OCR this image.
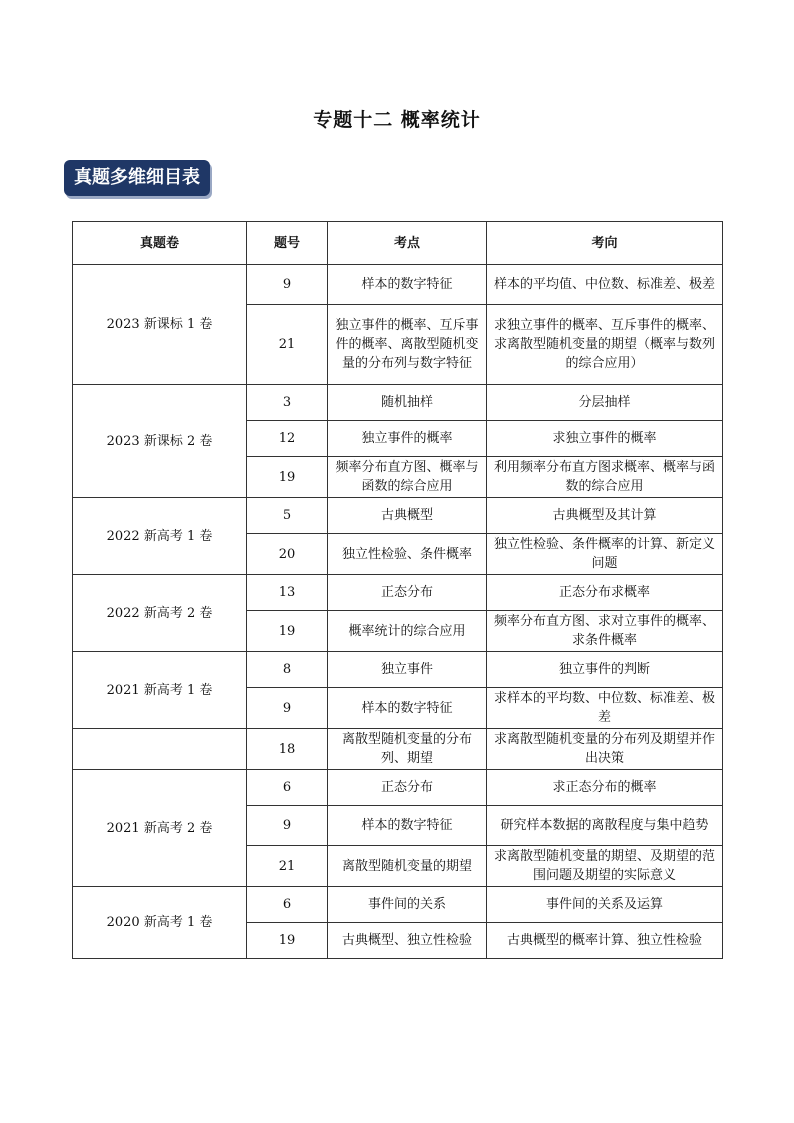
专题十二 概率统计
真题多维细目表
真题卷	题号	考点	考向
2023 新课标 1 卷	9	样本的数字特征	样本的平均值、中位数、标准差、极差
	21	独立事件的概率、互斥事件的概率、离散型随机变量的分布列与数字特征	求独立事件的概率、互斥事件的概率、求离散型随机变量的期望（概率与数列的综合应用）
2023 新课标 2 卷	3	随机抽样	分层抽样
	12	独立事件的概率	求独立事件的概率
	19	频率分布直方图、概率与函数的综合应用	利用频率分布直方图求概率、概率与函数的综合应用
2022 新高考 1 卷	5	古典概型	古典概型及其计算
	20	独立性检验、条件概率	独立性检验、条件概率的计算、新定义问题
2022 新高考 2 卷	13	正态分布	正态分布求概率
	19	概率统计的综合应用	频率分布直方图、求对立事件的概率、求条件概率
2021 新高考 1 卷	8	独立事件	独立事件的判断
	9	样本的数字特征	求样本的平均数、中位数、标准差、极差
	18	离散型随机变量的分布列、期望	求离散型随机变量的分布列及期望并作出决策
2021 新高考 2 卷	6	正态分布	求正态分布的概率
	9	样本的数字特征	研究样本数据的离散程度与集中趋势
	21	离散型随机变量的期望	求离散型随机变量的期望、及期望的范围问题及期望的实际意义
2020 新高考 1 卷	6	事件间的关系	事件间的关系及运算
	19	古典概型、独立性检验	古典概型的概率计算、独立性检验
